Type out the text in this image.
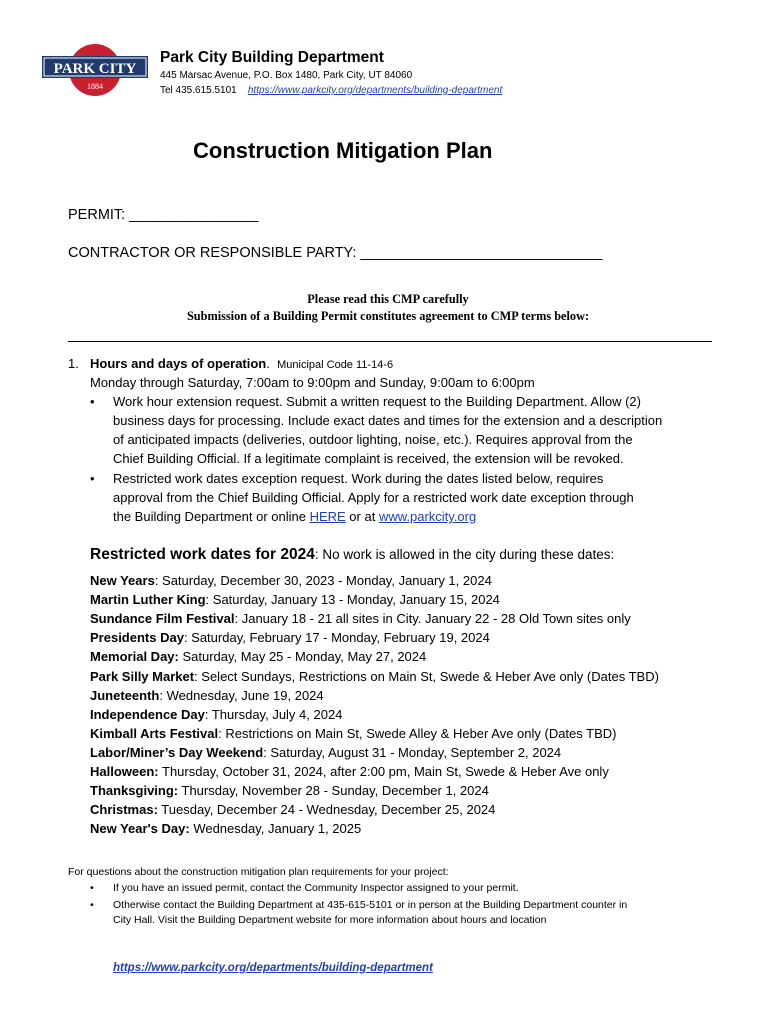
PARK CITY
1884
Park City Building Department
445 Marsac Avenue, P.O. Box 1480, Park City, UT 84060
Tel 435.615.5101 https://www.parkcity.org/departments/building-department
Construction Mitigation Plan
PERMIT: ________________
CONTRACTOR OR RESPONSIBLE PARTY: ______________________________
Please read this CMP carefully
Submission of a Building Permit constitutes agreement to CMP terms below:
1. Hours and days of operation. Municipal Code 11-14-6
Monday through Saturday, 7:00am to 9:00pm and Sunday, 9:00am to 6:00pm
• Work hour extension request. Submit a written request to the Building Department. Allow (2)
business days for processing. Include exact dates and times for the extension and a description
of anticipated impacts (deliveries, outdoor lighting, noise, etc.). Requires approval from the
Chief Building Official. If a legitimate complaint is received, the extension will be revoked.
• Restricted work dates exception request. Work during the dates listed below, requires
approval from the Chief Building Official. Apply for a restricted work date exception through
the Building Department or online HERE or at www.parkcity.org
Restricted work dates for 2024: No work is allowed in the city during these dates:
New Years: Saturday, December 30, 2023 - Monday, January 1, 2024
Martin Luther King: Saturday, January 13 - Monday, January 15, 2024
Sundance Film Festival: January 18 - 21 all sites in City. January 22 - 28 Old Town sites only
Presidents Day: Saturday, February 17 - Monday, February 19, 2024
Memorial Day: Saturday, May 25 - Monday, May 27, 2024
Park Silly Market: Select Sundays, Restrictions on Main St, Swede & Heber Ave only (Dates TBD)
Juneteenth: Wednesday, June 19, 2024
Independence Day: Thursday, July 4, 2024
Kimball Arts Festival: Restrictions on Main St, Swede Alley & Heber Ave only (Dates TBD)
Labor/Miner’s Day Weekend: Saturday, August 31 - Monday, September 2, 2024
Halloween: Thursday, October 31, 2024, after 2:00 pm, Main St, Swede & Heber Ave only
Thanksgiving: Thursday, November 28 - Sunday, December 1, 2024
Christmas: Tuesday, December 24 - Wednesday, December 25, 2024
New Year's Day: Wednesday, January 1, 2025
For questions about the construction mitigation plan requirements for your project:
• If you have an issued permit, contact the Community Inspector assigned to your permit.
• Otherwise contact the Building Department at 435-615-5101 or in person at the Building Department counter in
City Hall. Visit the Building Department website for more information about hours and location
https://www.parkcity.org/departments/building-department
